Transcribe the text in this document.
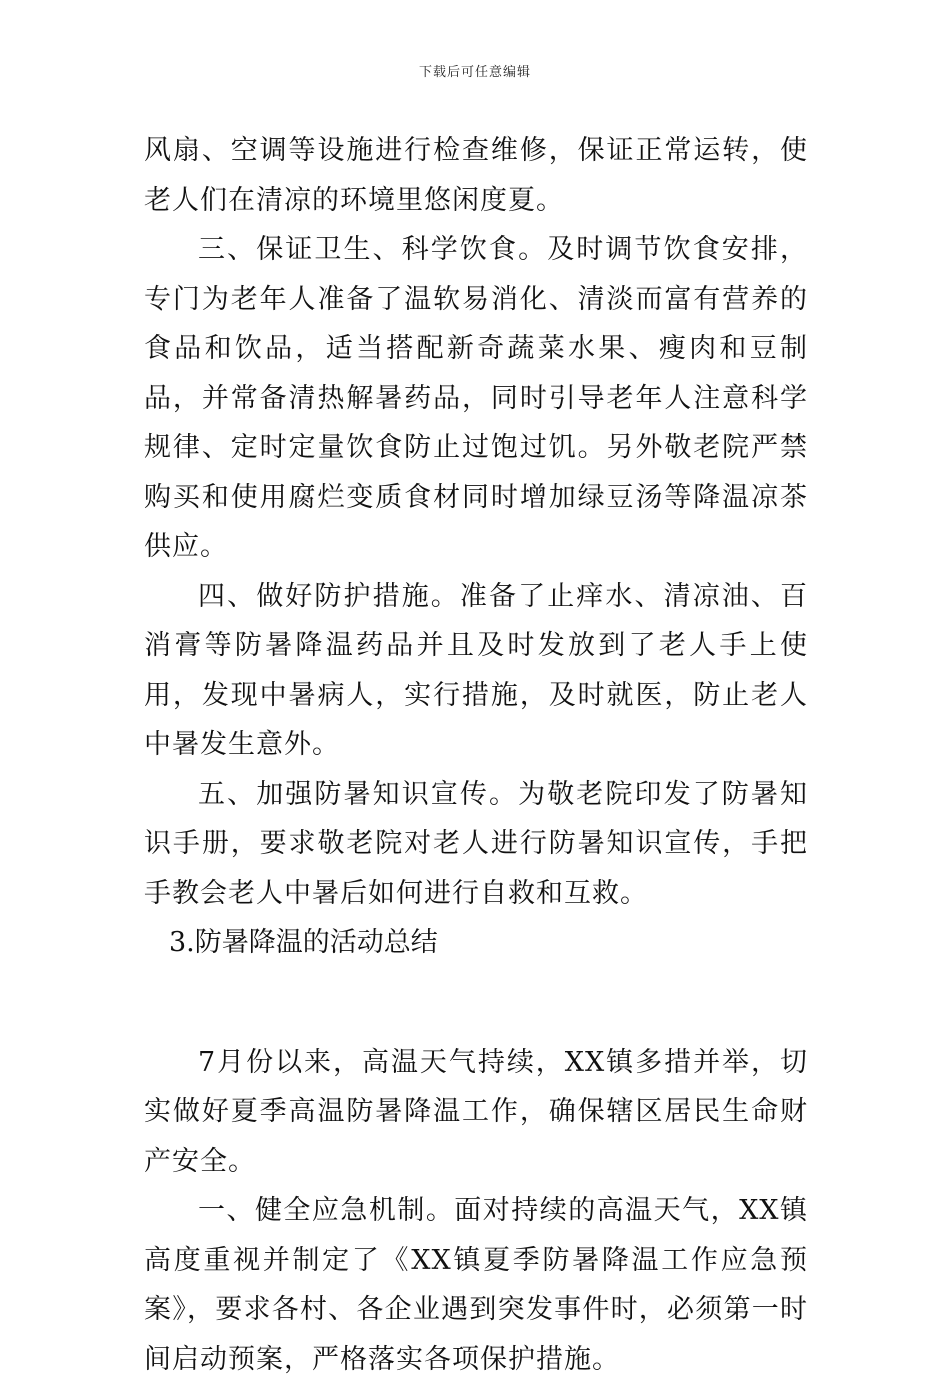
下载后可任意编辑

风扇、空调等设施进行检查维修，保证正常运转，使老人们在清凉的环境里悠闲度夏。

三、保证卫生、科学饮食。及时调节饮食安排，专门为老年人准备了温软易消化、清淡而富有营养的食品和饮品，适当搭配新奇蔬菜水果、瘦肉和豆制品，并常备清热解暑药品，同时引导老年人注意科学规律、定时定量饮食防止过饱过饥。另外敬老院严禁购买和使用腐烂变质食材同时增加绿豆汤等降温凉茶供应。

四、做好防护措施。准备了止痒水、清凉油、百消膏等防暑降温药品并且及时发放到了老人手上使用，发现中暑病人，实行措施，及时就医，防止老人中暑发生意外。

五、加强防暑知识宣传。为敬老院印发了防暑知识手册，要求敬老院对老人进行防暑知识宣传，手把手教会老人中暑后如何进行自救和互救。

3.防暑降温的活动总结

7月份以来，高温天气持续，XX镇多措并举，切实做好夏季高温防暑降温工作，确保辖区居民生命财产安全。

一、健全应急机制。面对持续的高温天气，XX镇高度重视并制定了《XX镇夏季防暑降温工作应急预案》，要求各村、各企业遇到突发事件时，必须第一时间启动预案，严格落实各项保护措施。
